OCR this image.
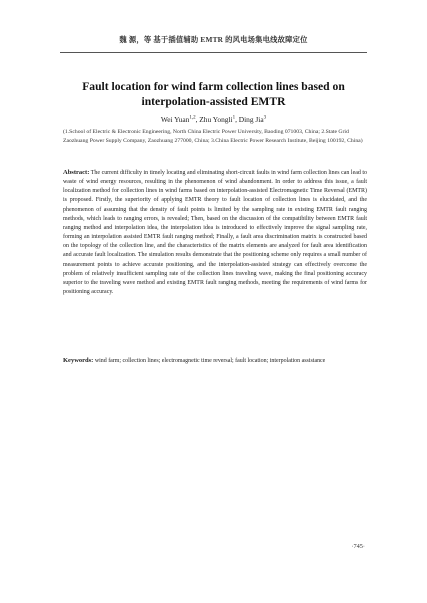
魏 源，等 基于插值辅助 EMTR 的风电场集电线故障定位
Fault location for wind farm collection lines based on interpolation-assisted EMTR
Wei Yuan$^{1,2}$, Zhu Yongli$^1$, Ding Jia$^3$
(1.School of Electric & Electronic Engineering, North China Electric Power University, Baoding 071003, China; 2.State Grid Zaozhuang Power Supply Company, Zaozhuang 277000, China; 3.China Electric Power Research Institute, Beijing 100192, China)
Abstract: The current difficulty in timely locating and eliminating short-circuit faults in wind farm collection lines can lead to waste of wind energy resources, resulting in the phenomenon of wind abandonment. In order to address this issue, a fault localization method for collection lines in wind farms based on interpolation-assisted Electromagnetic Time Reversal (EMTR) is proposed. Firstly, the superiority of applying EMTR theory to fault location of collection lines is elucidated, and the phenomenon of assuming that the density of fault points is limited by the sampling rate in existing EMTR fault ranging methods, which leads to ranging errors, is revealed; Then, based on the discussion of the compatibility between EMTR fault ranging method and interpolation idea, the interpolation idea is introduced to effectively improve the signal sampling rate, forming an interpolation assisted EMTR fault ranging method; Finally, a fault area discrimination matrix is constructed based on the topology of the collection line, and the characteristics of the matrix elements are analyzed for fault area identification and accurate fault localization. The simulation results demonstrate that the positioning scheme only requires a small number of measurement points to achieve accurate positioning, and the interpolation-assisted strategy can effectively overcome the problem of relatively insufficient sampling rate of the collection lines traveling wave, making the final positioning accuracy superior to the traveling wave method and existing EMTR fault ranging methods, meeting the requirements of wind farms for positioning accuracy.
Keywords: wind farm; collection lines; electromagnetic time reversal; fault location; interpolation assistance
·745·
